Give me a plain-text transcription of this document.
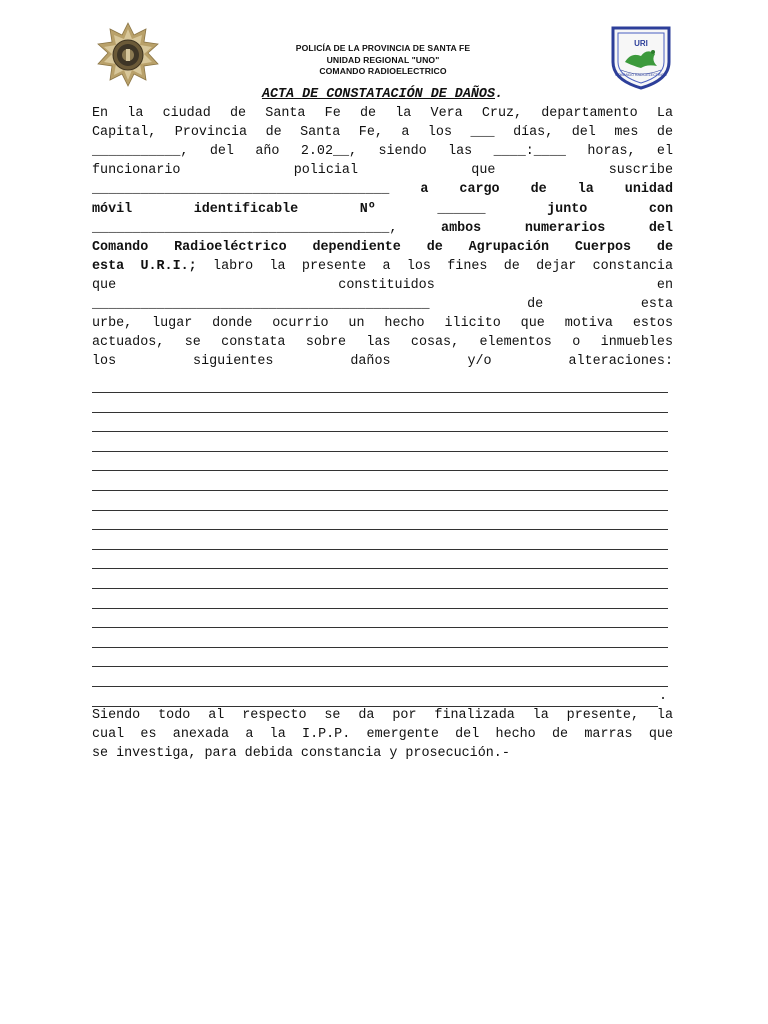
POLICÍA DE LA PROVINCIA DE SANTA FE
UNIDAD REGIONAL "UNO"
COMANDO RADIOELECTRICO
URI
COMANDO RADIOELECTRICO
ACTA DE CONSTATACIÓN DE DAÑOS.
En la ciudad de Santa Fe de la Vera Cruz, departamento La
Capital, Provincia de Santa Fe, a los ___ días, del mes de
___________, del año 2.02__, siendo las ____:____ horas, el
funcionario policial que suscribe
_____________________________________ a cargo de la unidad
móvil identificable Nº ______ junto con
_____________________________________,	ambos numerarios del
Comando Radioeléctrico dependiente de Agrupación Cuerpos de
esta U.R.I.; labro la presente a los fines de dejar constancia
que constituidos en
__________________________________________	de esta
urbe, lugar donde ocurrio un hecho ilicito que motiva estos
actuados, se constata sobre las cosas, elementos o inmuebles
los siguientes daños y/o alteraciones:
.
Siendo todo al respecto se da por finalizada la presente, la
cual es anexada a la I.P.P. emergente del hecho de marras que
se investiga, para debida constancia y prosecución.-
